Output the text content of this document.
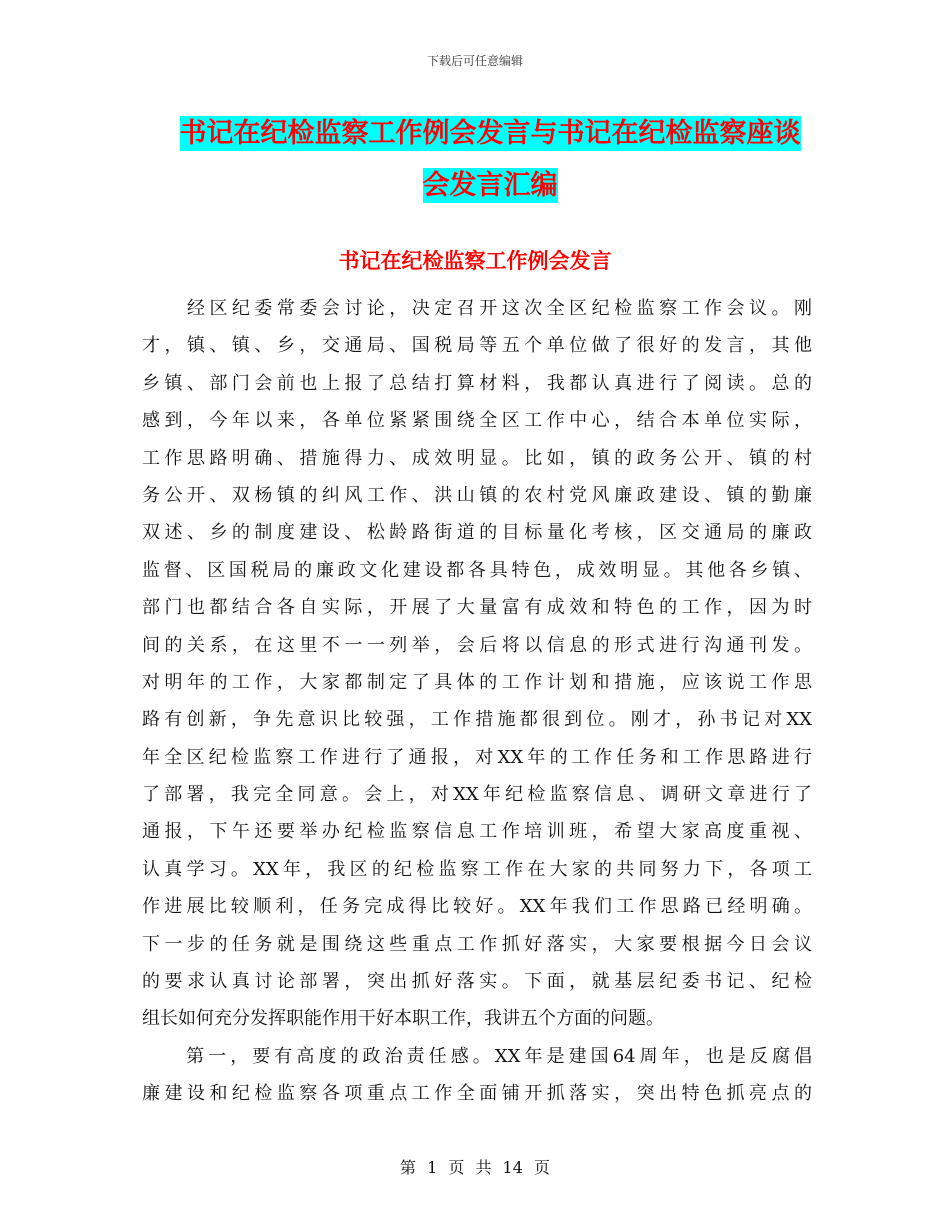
下载后可任意编辑
书记在纪检监察工作例会发言与书记在纪检监察座谈
会发言汇编
书记在纪检监察工作例会发言
　　经区纪委常委会讨论，决定召开这次全区纪检监察工作会议。刚
才，镇、镇、乡，交通局、国税局等五个单位做了很好的发言，其他
乡镇、部门会前也上报了总结打算材料，我都认真进行了阅读。总的
感到，今年以来，各单位紧紧围绕全区工作中心，结合本单位实际，
工作思路明确、措施得力、成效明显。比如，镇的政务公开、镇的村
务公开、双杨镇的纠风工作、洪山镇的农村党风廉政建设、镇的勤廉
双述、乡的制度建设、松龄路街道的目标量化考核，区交通局的廉政
监督、区国税局的廉政文化建设都各具特色，成效明显。其他各乡镇、
部门也都结合各自实际，开展了大量富有成效和特色的工作，因为时
间的关系，在这里不一一列举，会后将以信息的形式进行沟通刊发。
对明年的工作，大家都制定了具体的工作计划和措施，应该说工作思
路有创新，争先意识比较强，工作措施都很到位。刚才，孙书记对XX
年全区纪检监察工作进行了通报，对XX年的工作任务和工作思路进行
了部署，我完全同意。会上，对XX年纪检监察信息、调研文章进行了
通报，下午还要举办纪检监察信息工作培训班，希望大家高度重视、
认真学习。XX年，我区的纪检监察工作在大家的共同努力下，各项工
作进展比较顺利，任务完成得比较好。XX年我们工作思路已经明确。
下一步的任务就是围绕这些重点工作抓好落实，大家要根据今日会议
的要求认真讨论部署，突出抓好落实。下面，就基层纪委书记、纪检
组长如何充分发挥职能作用干好本职工作，我讲五个方面的问题。
　　第一，要有高度的政治责任感。XX年是建国64周年，也是反腐倡
廉建设和纪检监察各项重点工作全面铺开抓落实，突出特色抓亮点的
第 1 页 共 14 页
